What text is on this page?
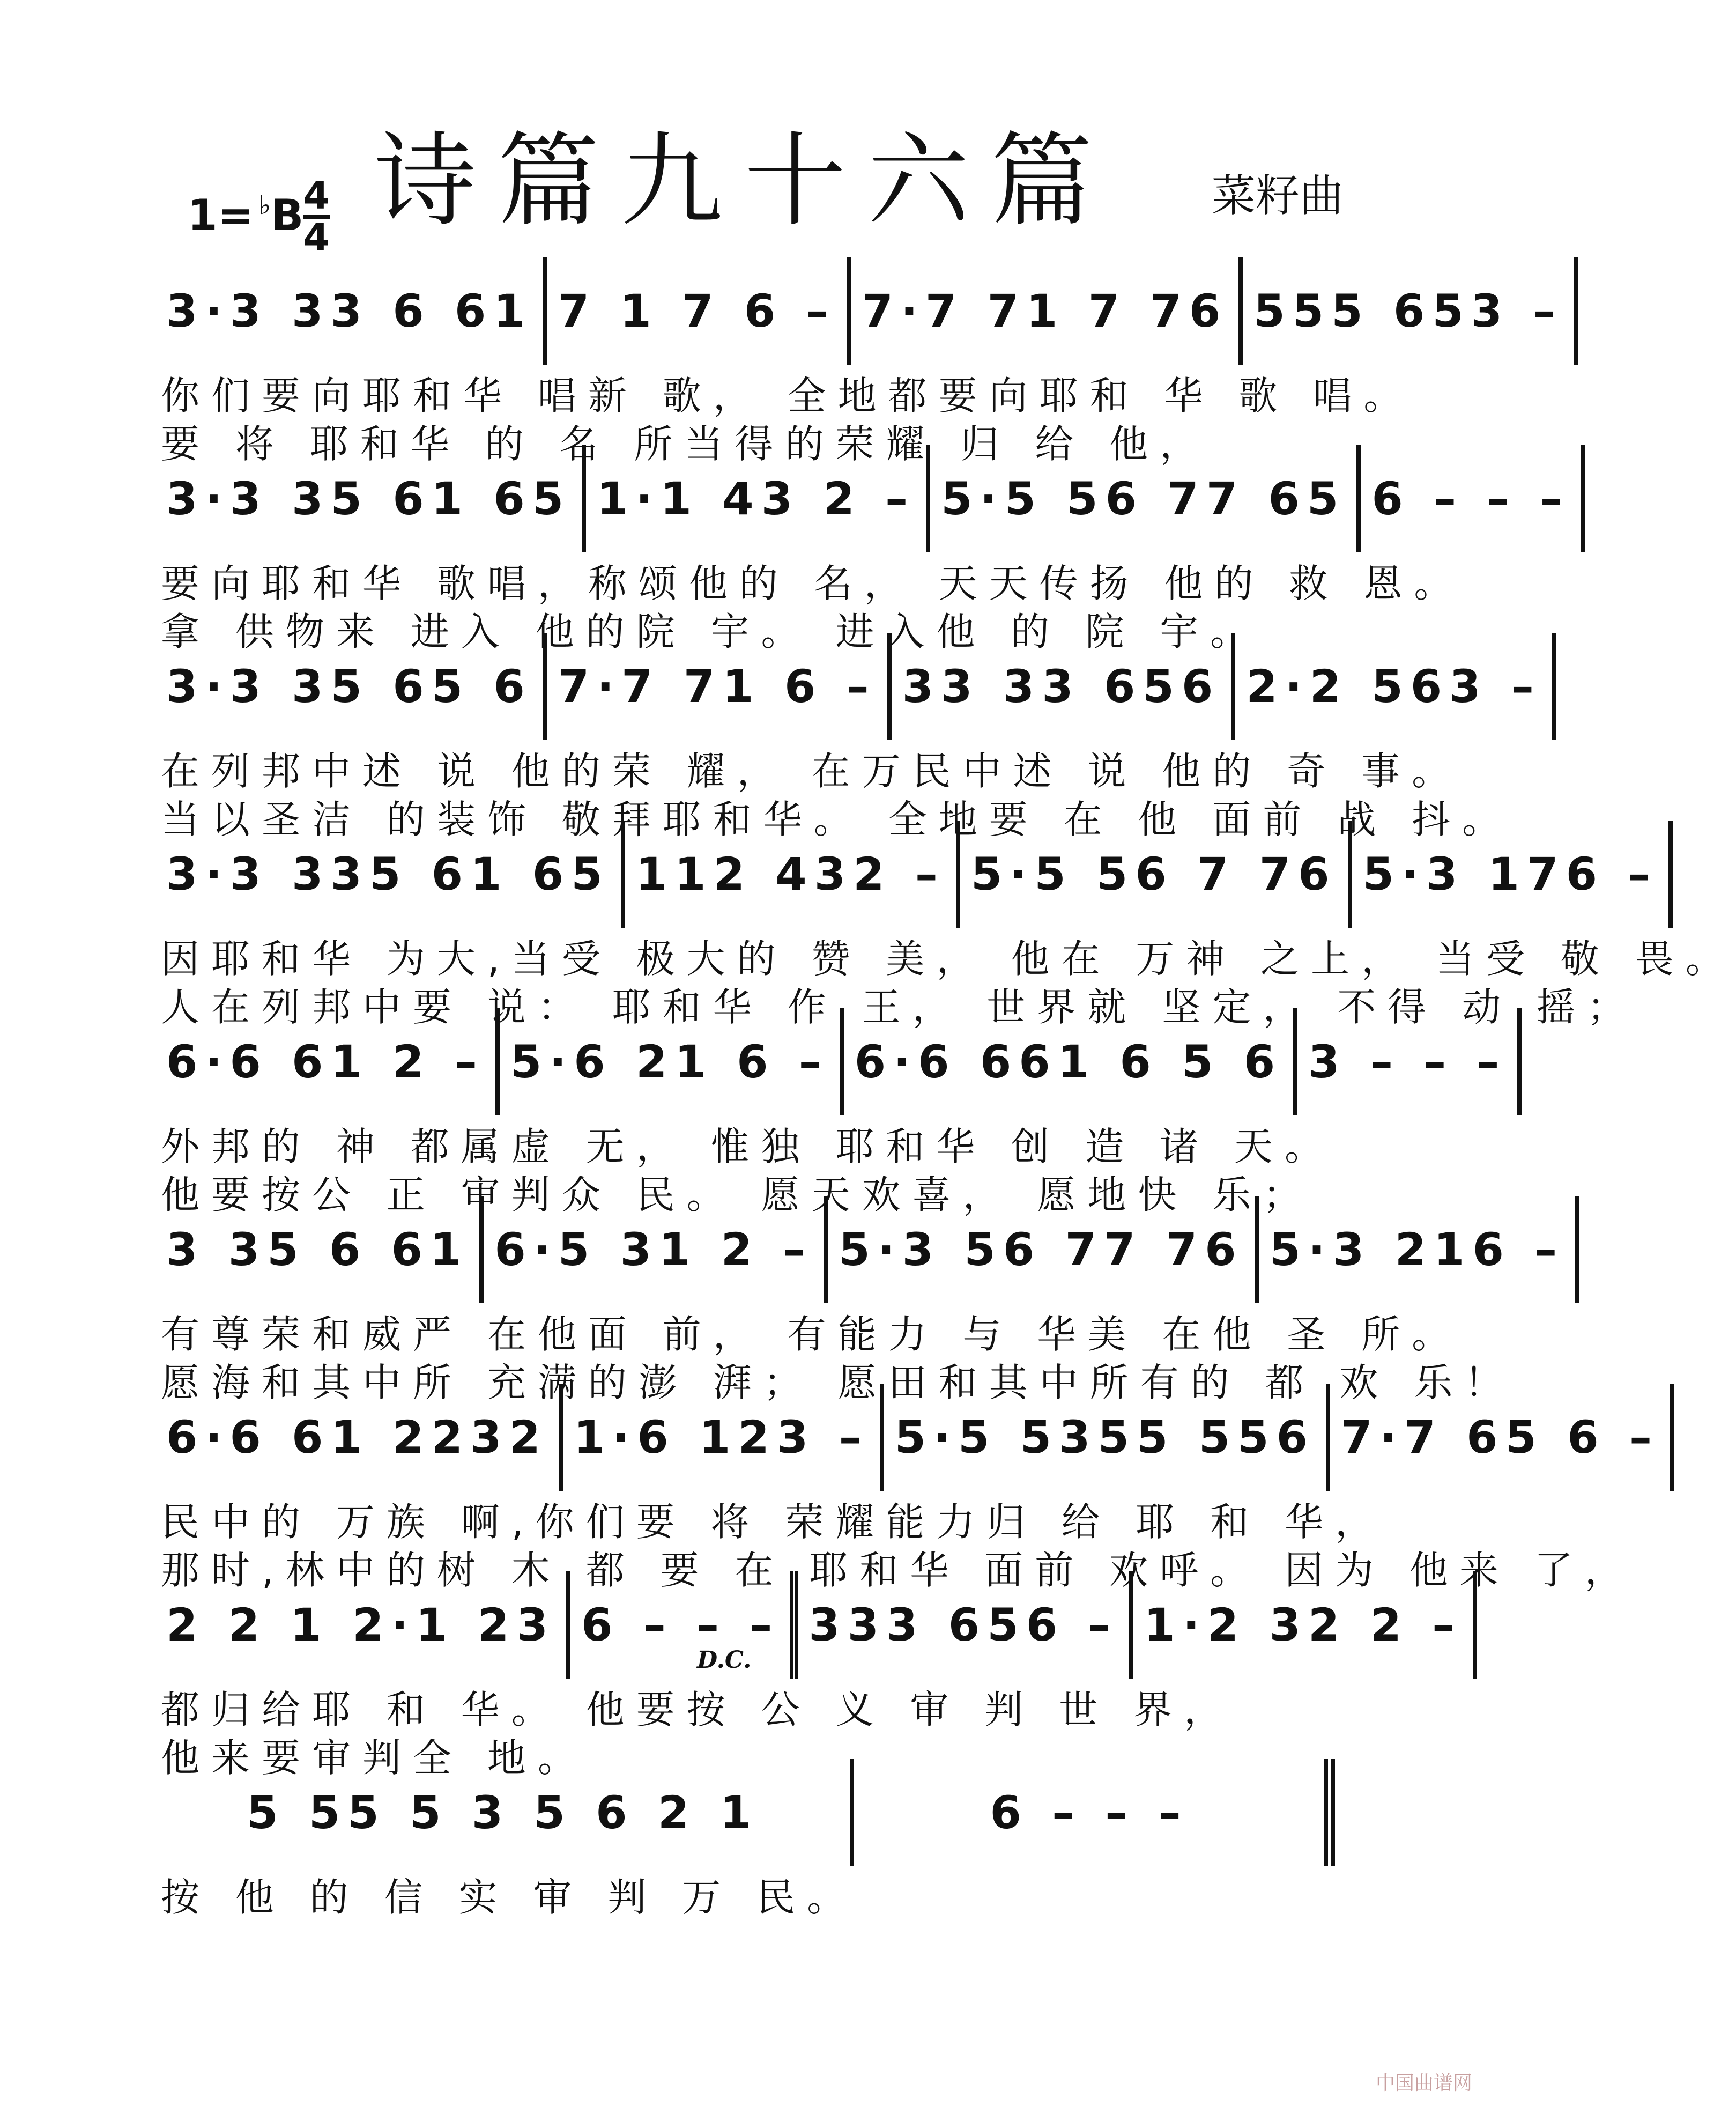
诗篇九十六篇	菜籽曲
1= ♭B 4
4
3·3 33 6 61 7 1 7 6 – 7·7 71 7 76 555 653 –
你们要向耶和华 唱新 歌， 全地都要向耶和 华 歌 唱。
要 将 耶和华 的 名 所当得的荣耀 归 给 他，
3·3 35 61 65 1·1 43 2 – 5·5 56 77 65 6 – – –
要向耶和华 歌唱，称颂他的 名， 天天传扬 他的 救 恩。
拿 供物来 进入 他的院 宇。 进入他 的 院 宇。
3·3 35 65 6 7·7 71 6 – 33 33 656 2·2 563 –
在列邦中述 说 他的荣 耀， 在万民中述 说 他的 奇 事。
当以圣洁 的装饰 敬拜耶和华。 全地要 在 他 面前 战 抖。
3·3 335 61 65 112 432 – 5·5 56 7 76 5·3 176 –
因耶和华 为大,当受 极大的 赞 美， 他在 万神 之上， 当受 敬 畏。
人在列邦中要 说： 耶和华 作 王， 世界就 坚定， 不得 动 摇；
6·6 61 2 – 5·6 21 6 – 6·6 661 6 5 6 3 – – –
外邦的 神 都属虚 无， 惟独 耶和华 创 造 诸 天。
他要按公 正 审判众 民。 愿天欢喜， 愿地快 乐；
3 35 6 61 6·5 31 2 – 5·3 56 77 76 5·3 216 –
有尊荣和威严 在他面 前， 有能力 与 华美 在他 圣 所。
愿海和其中所 充满的澎 湃； 愿田和其中所有的 都 欢 乐！
6·6 61 2232 1·6 123 – 5·5 5355 556 7·7 65 6 –
民中的 万族 啊,你们要 将 荣耀能力归 给 耶 和 华，
那时,林中的树 木 都 要 在 耶和华 面前 欢呼。 因为 他来 了，
2 2 1 2·1 23 6 – – – 333 656 – 1·2 32 2 –
都归给耶 和 华。 他要按 公 义 审 判 世 界，
他来要审判全 地。
5 55 5 3 5 6 2 1	6 – – –
按 他 的 信 实 审 判 万 民。
D.C.
中国曲谱网
